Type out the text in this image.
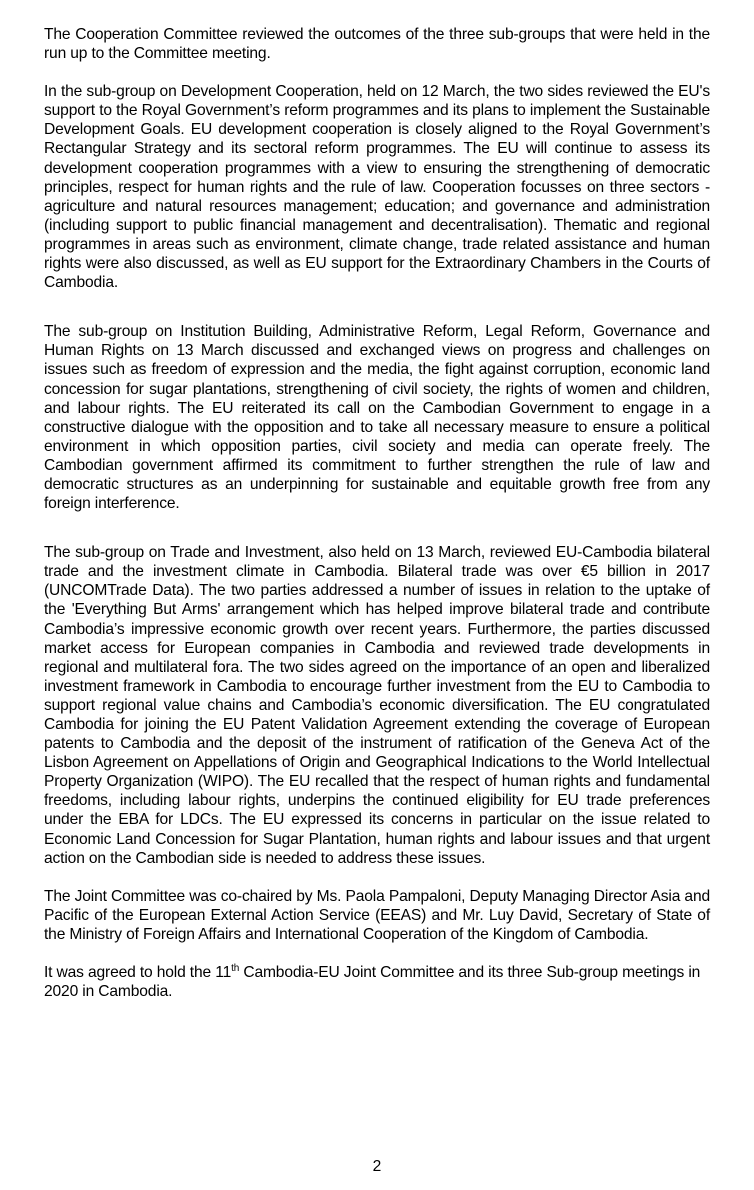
The Cooperation Committee reviewed the outcomes of the three sub-groups that were held in the run up to the Committee meeting.

In the sub-group on Development Cooperation, held on 12 March, the two sides reviewed the EU's support to the Royal Government’s reform programmes and its plans to implement the Sustainable Development Goals. EU development cooperation is closely aligned to the Royal Government’s Rectangular Strategy and its sectoral reform programmes. The EU will continue to assess its development cooperation programmes with a view to ensuring the strengthening of democratic principles, respect for human rights and the rule of law. Cooperation focusses on three sectors - agriculture and natural resources management; education; and governance and administration (including support to public financial management and decentralisation). Thematic and regional programmes in areas such as environment, climate change, trade related assistance and human rights were also discussed, as well as EU support for the Extraordinary Chambers in the Courts of Cambodia.

The sub-group on Institution Building, Administrative Reform, Legal Reform, Governance and Human Rights on 13 March discussed and exchanged views on progress and challenges on issues such as freedom of expression and the media, the fight against corruption, economic land concession for sugar plantations, strengthening of civil society, the rights of women and children, and labour rights. The EU reiterated its call on the Cambodian Government to engage in a constructive dialogue with the opposition and to take all necessary measure to ensure a political environment in which opposition parties, civil society and media can operate freely. The Cambodian government affirmed its commitment to further strengthen the rule of law and democratic structures as an underpinning for sustainable and equitable growth free from any foreign interference.

The sub-group on Trade and Investment, also held on 13 March, reviewed EU-Cambodia bilateral trade and the investment climate in Cambodia. Bilateral trade was over €5 billion in 2017 (UNCOMTrade Data). The two parties addressed a number of issues in relation to the uptake of the 'Everything But Arms' arrangement which has helped improve bilateral trade and contribute Cambodia’s impressive economic growth over recent years. Furthermore, the parties discussed market access for European companies in Cambodia and reviewed trade developments in regional and multilateral fora. The two sides agreed on the importance of an open and liberalized investment framework in Cambodia to encourage further investment from the EU to Cambodia to support regional value chains and Cambodia’s economic diversification. The EU congratulated Cambodia for joining the EU Patent Validation Agreement extending the coverage of European patents to Cambodia and the deposit of the instrument of ratification of the Geneva Act of the Lisbon Agreement on Appellations of Origin and Geographical Indications to the World Intellectual Property Organization (WIPO). The EU recalled that the respect of human rights and fundamental freedoms, including labour rights, underpins the continued eligibility for EU trade preferences under the EBA for LDCs. The EU expressed its concerns in particular on the issue related to Economic Land Concession for Sugar Plantation, human rights and labour issues and that urgent action on the Cambodian side is needed to address these issues.

The Joint Committee was co-chaired by Ms. Paola Pampaloni, Deputy Managing Director Asia and Pacific of the European External Action Service (EEAS) and Mr. Luy David, Secretary of State of the Ministry of Foreign Affairs and International Cooperation of the Kingdom of Cambodia.

It was agreed to hold the 11th Cambodia-EU Joint Committee and its three Sub-group meetings in 2020 in Cambodia.

2
